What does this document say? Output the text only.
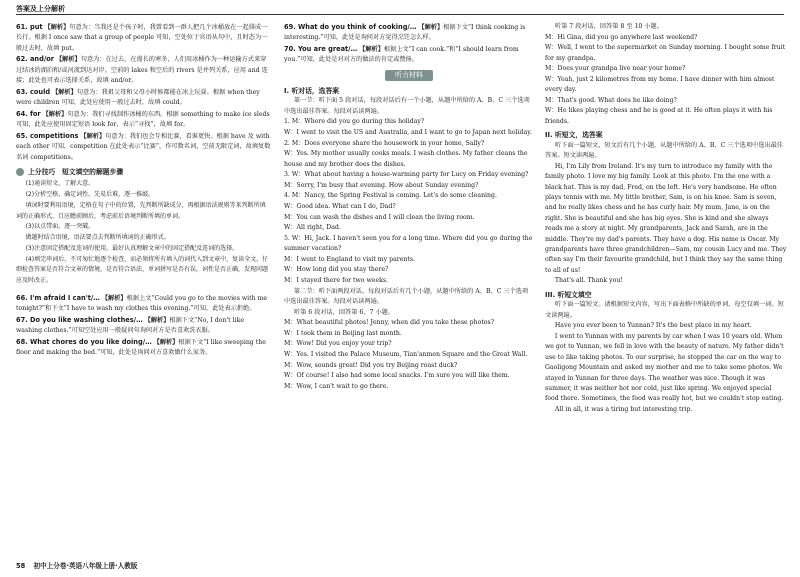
答案及上分解析

61. put 【解析】句意为：当我还是个孩子时，我曾看到一群人把几个冰桶放在一起排成一长行。根据 I once saw that a group of people 可知，空处位于宾语从句中，且时态为一般过去时，故填 put。

62. and/or 【解析】句意为：在过去，在漫长的寒冬，人们用冰桶作为一种运输方式来穿过结冰的湖泊和/或河流到达对岸。空前的 lakes 和空后的 rivers 是并列关系，应用 and 连接；此处也可表示选择关系，故填 and/or。

63. could 【解析】句意为：我祖父母和父母小时候都能在冰上玩耍。根据 when they were children 可知，此处应使用一般过去时，故填 could。

64. for 【解析】句意为：我们寻找制作冰桶的东西。根据 something to make ice sleds 可知，此处应使用固定短语 look for，表示“寻找”，故填 for。

65. competitions 【解析】句意为：我们也会互相比赛，看谁更快。根据 have 及 with each other 可知，competition 在此处表示“比赛”，作可数名词，空前无限定词，故填复数名词 competitions。

上分技巧　短文填空的解题步骤

(1)通读短文，了解大意。

(2)分析空格，确定词性，先易后难，逐一推敲。

填词时要利用语境，定格在句子中的位置，先判断所缺成分，再根据语法规则等来判断所填词的正确形式，且应瞻前顾后，考虑前后语境判断所填的单词。

(3)以点带面，逐一突破。

做题时结合语境，语法要点去判断所填词的正确形式。

(3)注意固定搭配及连词的使用，最好认真理解文章中的固定搭配及连词的选择。

(4)填完串词后，不可匆忙地逐个检查，而必须将所有填入的词代入到文章中，复读全文，仔细检查答案是否符合文章的情境，是否符合语法，单词拼写是否有误，词性是否正确，发现问题应及时改正。

66. I'm afraid I can't/… 【解析】根据上文“Could you go to the movies with me tonight?”和下文“I have to wash my clothes this evening.”可知，此处表示拒绝。

67. Do you like washing clothes/… 【解析】根据下文“No, I don't like washing clothes.”可知空处应用一般疑问句询问对方是否喜欢洗衣服。

68. What chores do you like doing/… 【解析】根据下文“I like sweeping the floor and making the bed.”可知，此处是询问对方喜欢做什么家务。

69. What do you think of cooking/… 【解析】根据下文“I think cooking is interesting.”可知，此处是询问对方觉得烹饪怎么样。

70. You are great/… 【解析】根据上文“I can cook.”和“I should learn from you.”可知，此处是对对方的做法的肯定或赞扬。

听力材料

I. 听对话，选答案

第一节：听下面 5 段对话，每段对话后有一个小题，从题中所给的 A、B、C 三个选项中选出最佳答案。每段对话读两遍。

1. M：Where did you go during this holiday?

W：I went to visit the US and Australia, and I want to go to Japan next holiday.

2. M：Does everyone share the housework in your home, Sally?

W：Yes. My mother usually cooks meals. I wash clothes. My father cleans the house and my brother does the dishes.

3. W：What about having a house-warming party for Lucy on Friday evening?

M：Sorry, I'm busy that evening. How about Sunday evening?

4. M：Nancy, the Spring Festival is coming. Let's do some cleaning.

W：Good idea. What can I do, Dad?

M：You can wash the dishes and I will clean the living room.

W：All right, Dad.

5. W：Hi, Jack. I haven't seen you for a long time. Where did you go during the summer vacation?

M：I went to England to visit my parents.

W：How long did you stay there?

M：I stayed there for two weeks.

第二节：听下面两段对话，每段对话后有几个小题，从题中所给的 A、B、C 三个选项中选出最佳答案。每段对话读两遍。

听第 6 段对话，回答第 6、7 小题。

M：What beautiful photos! Jenny, when did you take these photos?

W：I took them in Beijing last month.

M：Wow! Did you enjoy your trip?

W：Yes. I visited the Palace Museum, Tian'anmen Square and the Great Wall.

M：Wow, sounds great! Did you try Beijing roast duck?

W：Of course! I also had some local snacks. I'm sure you will like them.

M：Wow, I can't wait to go there.

听第 7 段对话，回答第 8 至 10 小题。

M：Hi Gina, did you go anywhere last weekend?

W：Well, I went to the supermarket on Sunday morning. I bought some fruit for my grandpa.

M：Does your grandpa live near your home?

W：Yeah, just 2 kilometres from my home. I have dinner with him almost every day.

M：That's good. What does he like doing?

W：He likes playing chess and he is good at it. He often plays it with his friends.

II. 听短文，选答案

听下面一篇短文，短文后有几个小题，从题中所给的 A、B、C 三个选项中选出最佳答案。短文读两遍。

Hi, I'm Lily from Ireland. It's my turn to introduce my family with the family photo. I love my big family. Look at this photo. I'm the one with a black hat. This is my dad, Fred, on the left. He's very handsome. He often plays tennis with me. My little brother, Sam, is on his knee. Sam is seven, and he really likes chess and he has curly hair. My mum, Jane, is on the right. She is beautiful and she has big eyes. She is kind and she always reads me a story at night. My grandparents, Jack and Sarah, are in the middle. They're my dad's parents. They have a dog. His name is Oscar. My grandparents have three grandchildren—Sam, my cousin Lucy and me. They often say I'm their favourite grandchild, but I think they say the same thing to all of us!

That's all. Thank you!

III. 听短文填空

听下面一篇短文。请根据短文内容，写出下面表格中所缺的单词，每空仅填一词。短文读两遍。

Have you ever been to Yunnan? It's the best place in my heart.

I went to Yunnan with my parents by car when I was 10 years old. When we got to Yunnan, we fell in love with the beauty of nature. My father didn't use to like taking photos. To our surprise, he stopped the car on the way to Gaoligong Mountain and asked my mother and me to take some photos. We stayed in Yunnan for three days. The weather was nice. Though it was summer, it was neither hot nor cold, just like spring. We enjoyed special food there. Sometimes, the food was really hot, but we couldn't stop eating.

All in all, it was a tiring but interesting trip.

58 初中上分卷·英语八年级上册·人教版
